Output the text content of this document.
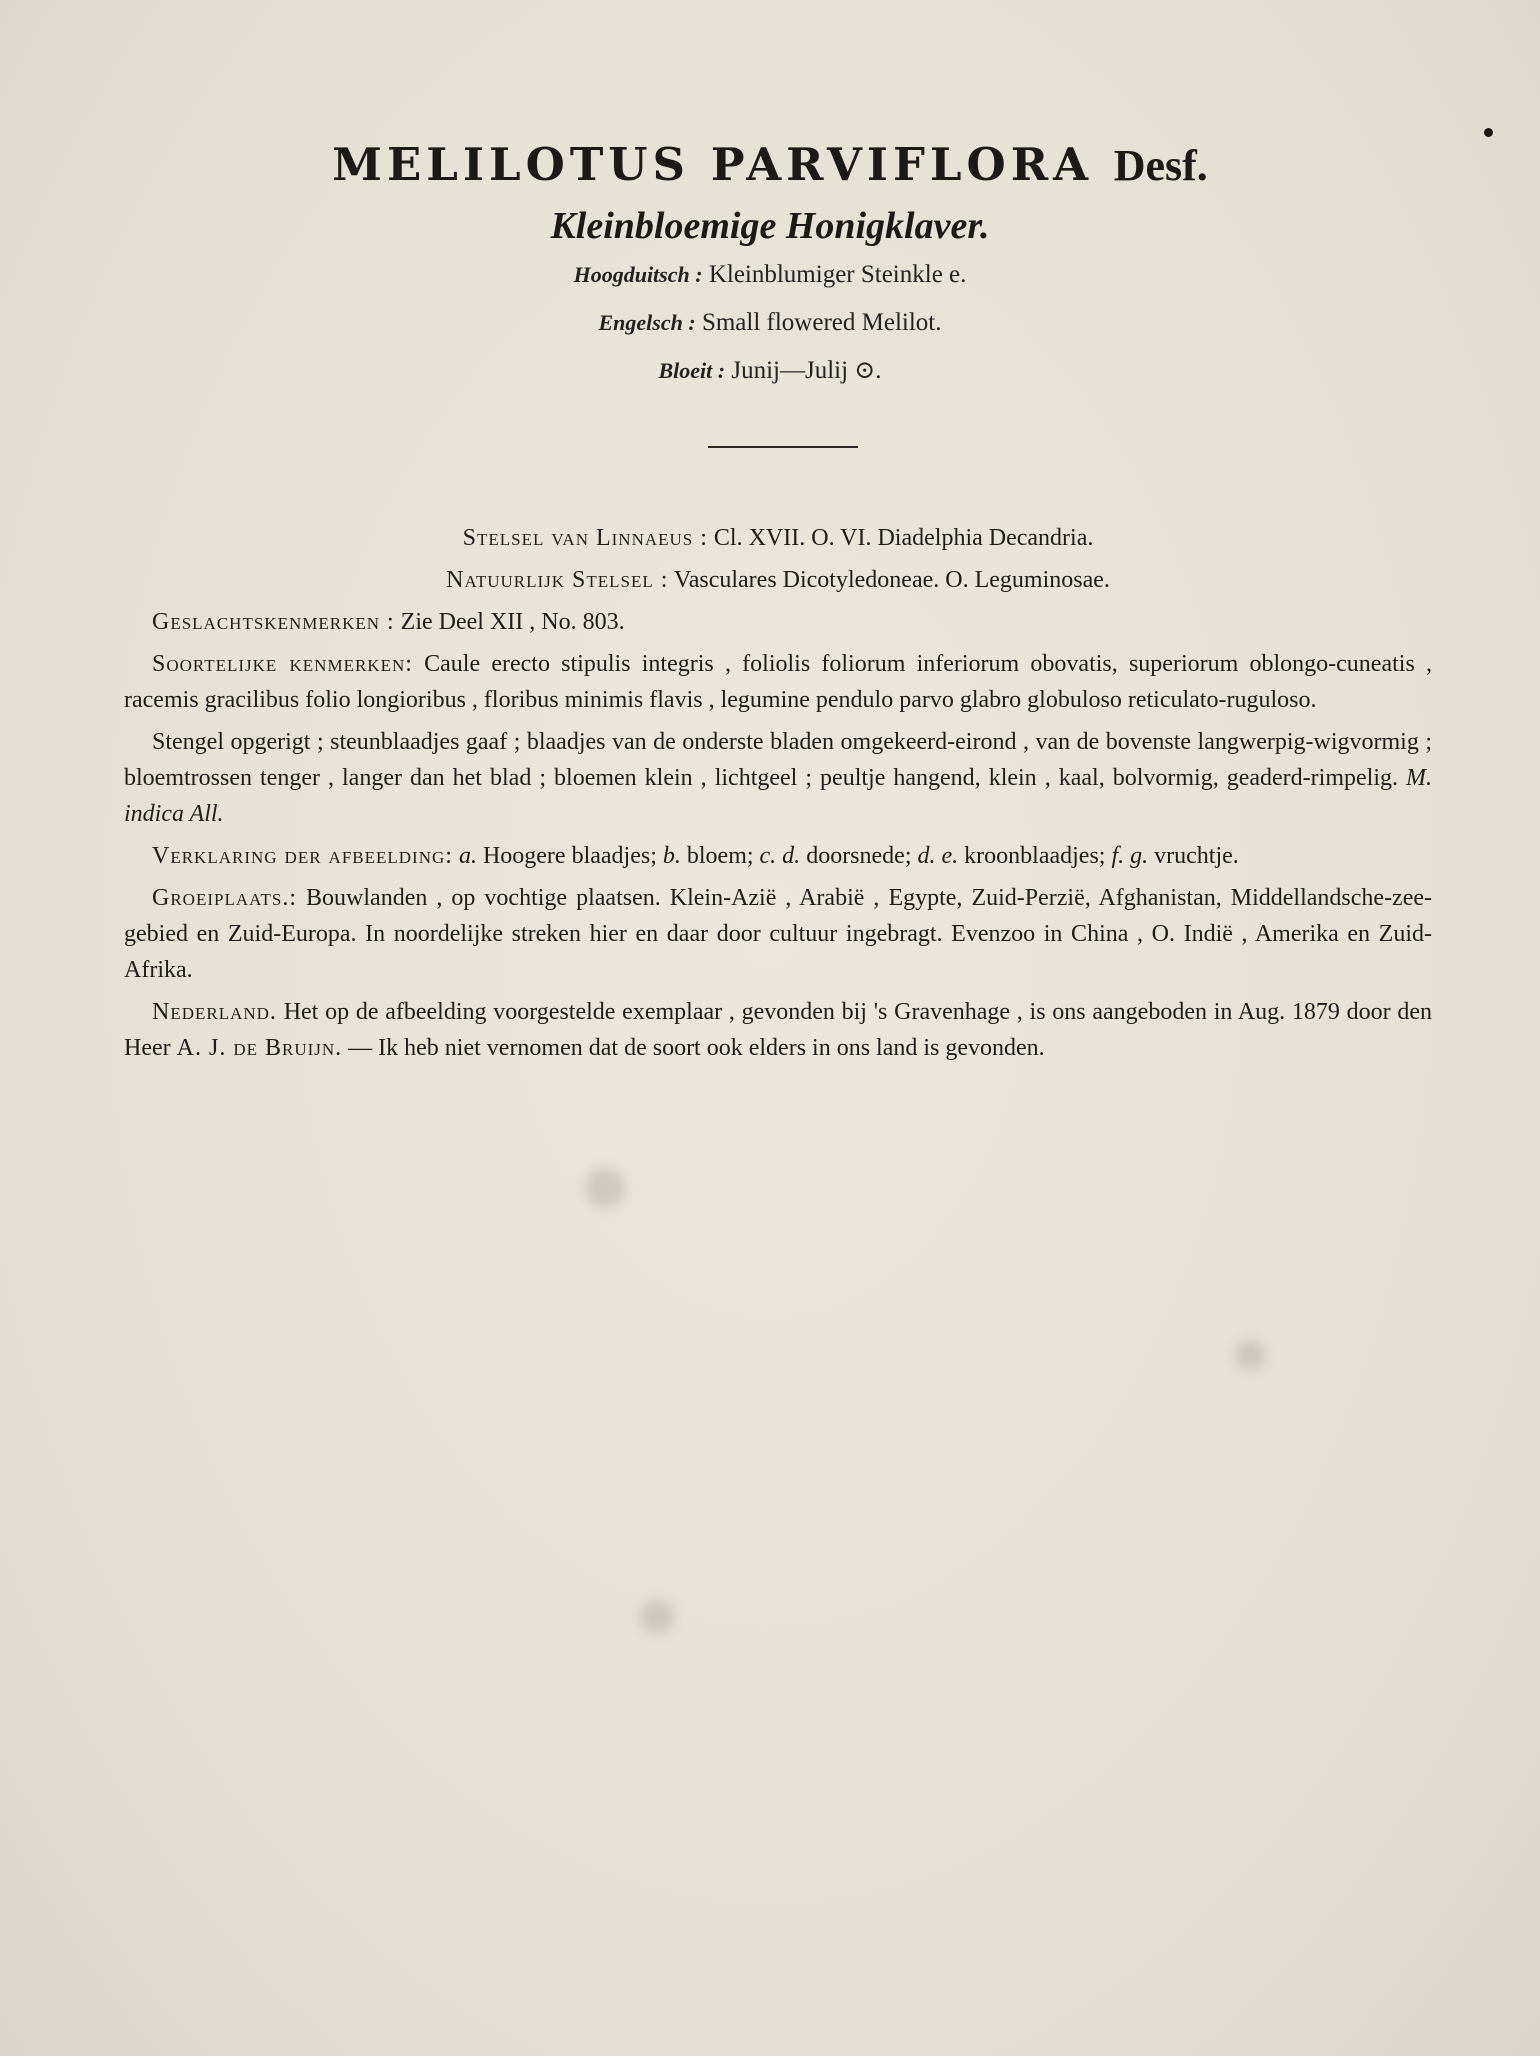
MELILOTUS PARVIFLORA Desf.
Kleinbloemige Honigklaver.
Hoogduitsch : Kleinblumiger Steinkle e.
Engelsch : Small flowered Melilot.
Bloeit : Junij—Julij ⊙.

Stelsel van Linnaeus : Cl. XVII. O. VI. Diadelphia Decandria.

Natuurlijk Stelsel : Vasculares Dicotyledoneae. O. Leguminosae.

Geslachtskenmerken : Zie Deel XII , No. 803.

Soortelijke kenmerken: Caule erecto stipulis integris , foliolis foliorum inferiorum obovatis, superiorum oblongo-cuneatis , racemis gracilibus folio longioribus , floribus minimis flavis , legumine pendulo parvo glabro globuloso reticulato-ruguloso.

Stengel opgerigt ; steunblaadjes gaaf ; blaadjes van de onderste bladen omgekeerd-eirond , van de bovenste langwerpig-wigvormig ; bloemtrossen tenger , langer dan het blad ; bloemen klein , lichtgeel ; peultje hangend, klein , kaal, bolvormig, geaderd-rimpelig. M. indica All.

Verklaring der afbeelding: a. Hoogere blaadjes; b. bloem; c. d. doorsnede; d. e. kroonblaadjes; f. g. vruchtje.

Groeiplaats.: Bouwlanden , op vochtige plaatsen. Klein-Azië , Arabië , Egypte, Zuid-Perzië, Afghanistan, Middellandsche-zee-gebied en Zuid-Europa. In noordelijke streken hier en daar door cultuur ingebragt. Evenzoo in China , O. Indië , Amerika en Zuid-Afrika.

Nederland. Het op de afbeelding voorgestelde exemplaar , gevonden bij 's Gravenhage , is ons aangeboden in Aug. 1879 door den Heer A. J. de Bruijn. — Ik heb niet vernomen dat de soort ook elders in ons land is gevonden.
